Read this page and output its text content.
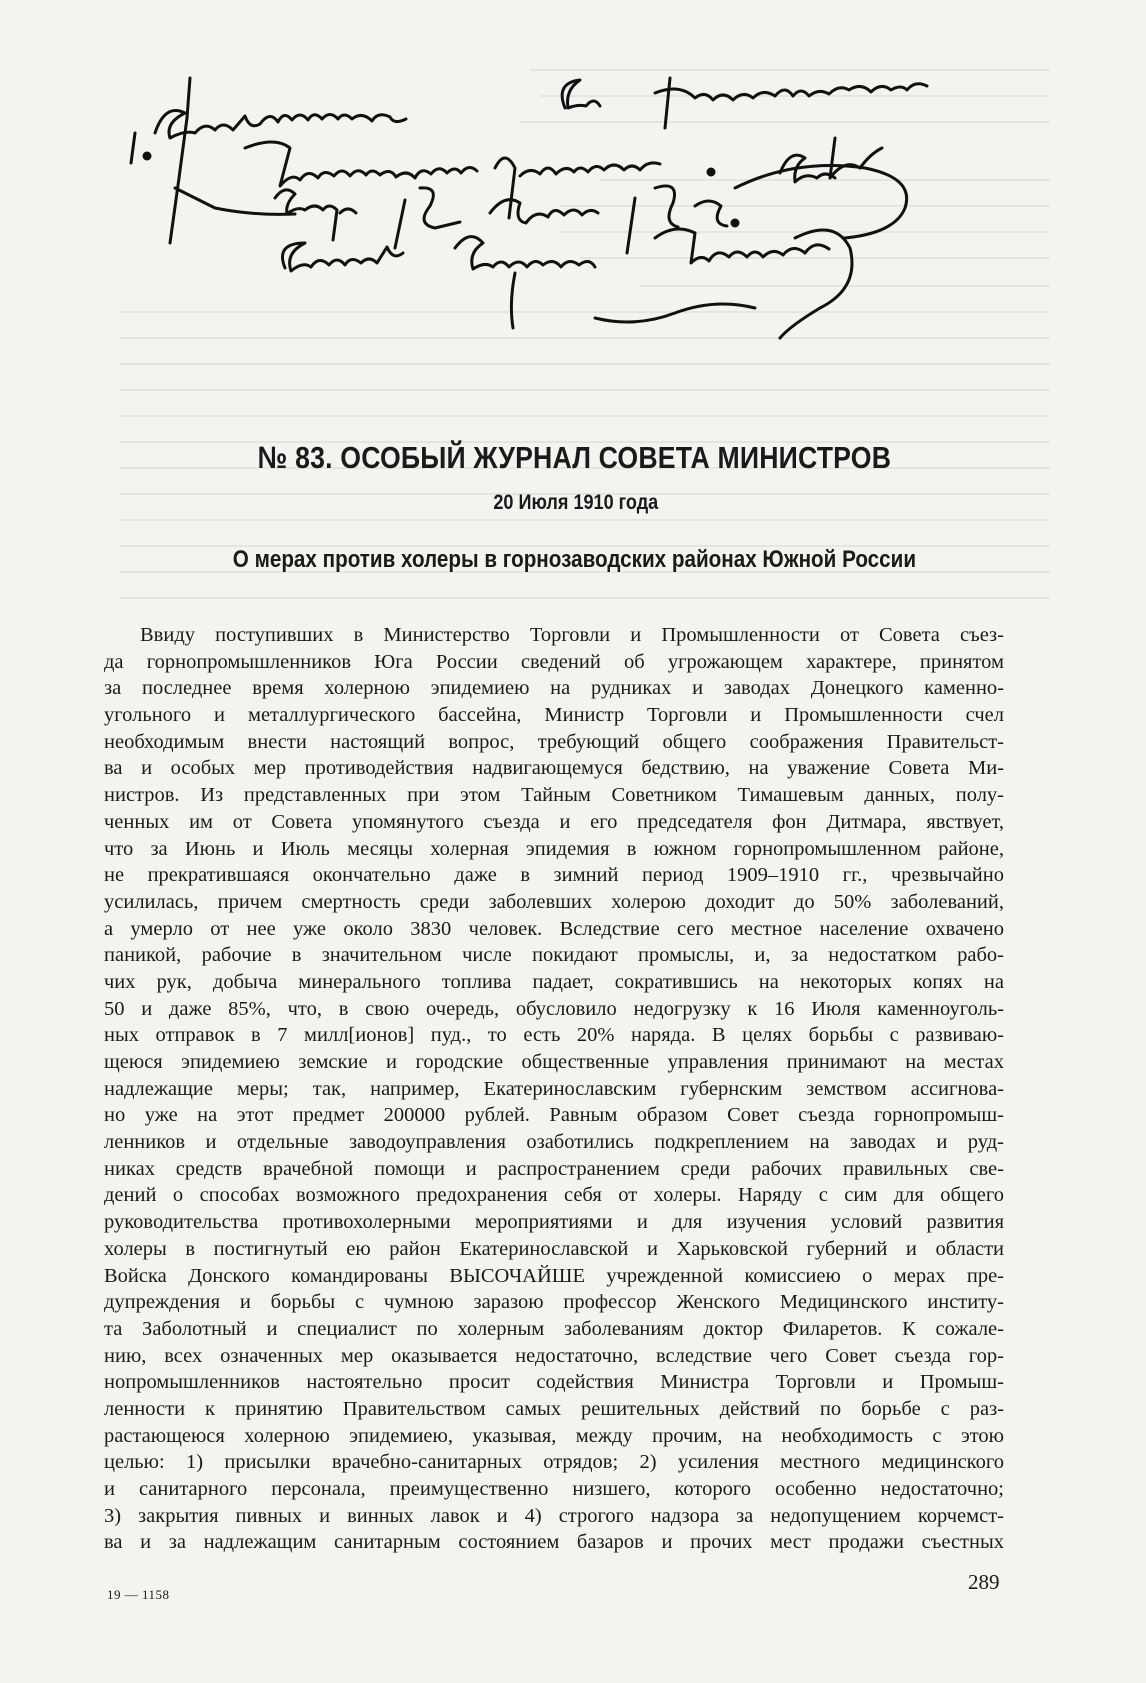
№ 83. ОСОБЫЙ ЖУРНАЛ СОВЕТА МИНИСТРОВ
20 Июля 1910 года
О мерах против холеры в горнозаводских районах Южной России
Ввиду поступивших в Министерство Торговли и Промышленности от Совета съез-
да горнопромышленников Юга России сведений об угрожающем характере, принятом
за последнее время холерною эпидемиею на рудниках и заводах Донецкого каменно-
угольного и металлургического бассейна, Министр Торговли и Промышленности счел
необходимым внести настоящий вопрос, требующий общего соображения Правительст-
ва и особых мер противодействия надвигающемуся бедствию, на уважение Совета Ми-
нистров. Из представленных при этом Тайным Советником Тимашевым данных, полу-
ченных им от Совета упомянутого съезда и его председателя фон Дитмара, явствует,
что за Июнь и Июль месяцы холерная эпидемия в южном горнопромышленном районе,
не прекратившаяся окончательно даже в зимний период 1909–1910 гг., чрезвычайно
усилилась, причем смертность среди заболевших холерою доходит до 50% заболеваний,
а умерло от нее уже около 3830 человек. Вследствие сего местное население охвачено
паникой, рабочие в значительном числе покидают промыслы, и, за недостатком рабо-
чих рук, добыча минерального топлива падает, сократившись на некоторых копях на
50 и даже 85%, что, в свою очередь, обусловило недогрузку к 16 Июля каменноуголь-
ных отправок в 7 милл[ионов] пуд., то есть 20% наряда. В целях борьбы с развиваю-
щеюся эпидемиею земские и городские общественные управления принимают на местах
надлежащие меры; так, например, Екатеринославским губернским земством ассигнова-
но уже на этот предмет 200000 рублей. Равным образом Совет съезда горнопромыш-
ленников и отдельные заводоуправления озаботились подкреплением на заводах и руд-
никах средств врачебной помощи и распространением среди рабочих правильных све-
дений о способах возможного предохранения себя от холеры. Наряду с сим для общего
руководительства противохолерными мероприятиями и для изучения условий развития
холеры в постигнутый ею район Екатеринославской и Харьковской губерний и области
Войска Донского командированы ВЫСОЧАЙШЕ учрежденной комиссиею о мерах пре-
дупреждения и борьбы с чумною заразою профессор Женского Медицинского институ-
та Заболотный и специалист по холерным заболеваниям доктор Филаретов. К сожале-
нию, всех означенных мер оказывается недостаточно, вследствие чего Совет съезда гор-
нопромышленников настоятельно просит содействия Министра Торговли и Промыш-
ленности к принятию Правительством самых решительных действий по борьбе с раз-
растающеюся холерною эпидемиею, указывая, между прочим, на необходимость с этою
целью: 1) присылки врачебно-санитарных отрядов; 2) усиления местного медицинского
и санитарного персонала, преимущественно низшего, которого особенно недостаточно;
3) закрытия пивных и винных лавок и 4) строгого надзора за недопущением корчемст-
ва и за надлежащим санитарным состоянием базаров и прочих мест продажи съестных
19 — 1158
289
